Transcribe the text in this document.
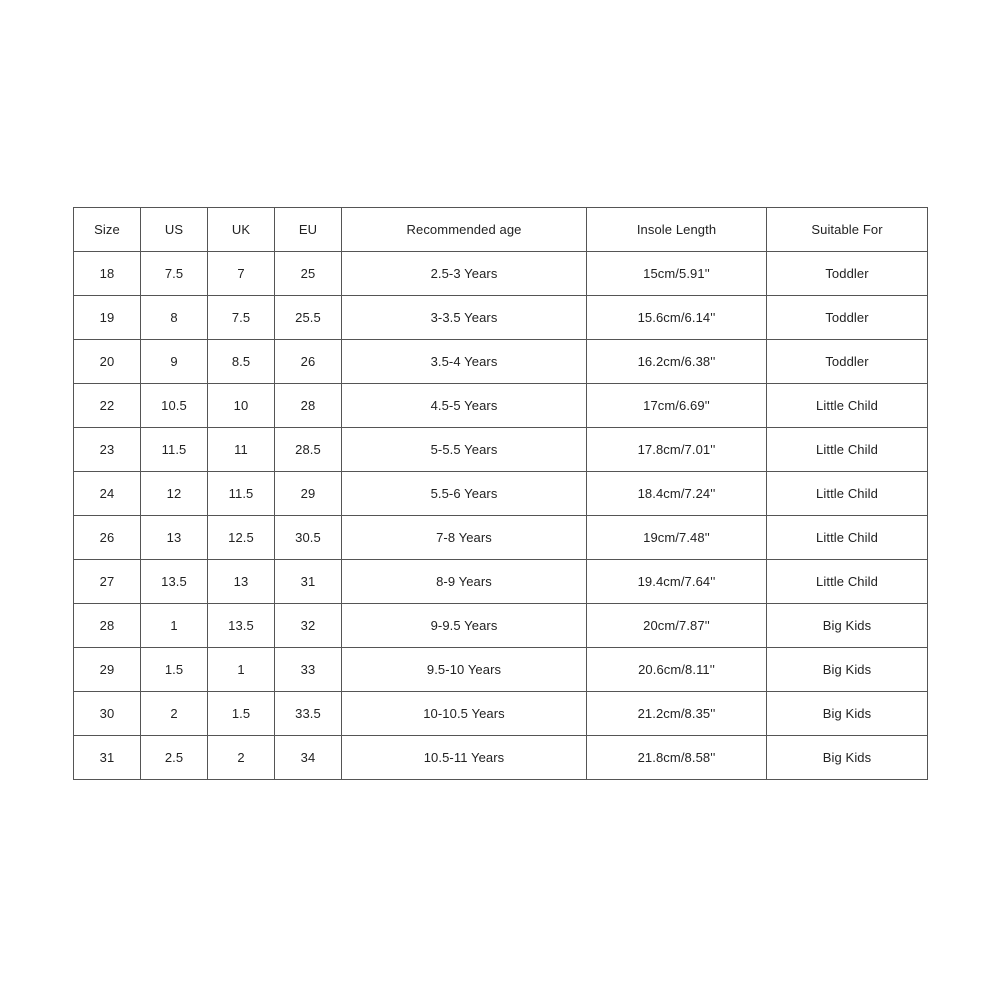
Size	US	UK	EU	Recommended age	Insole Length	Suitable For
18	7.5	7	25	2.5-3 Years	15cm/5.91''	Toddler
19	8	7.5	25.5	3-3.5 Years	15.6cm/6.14''	Toddler
20	9	8.5	26	3.5-4 Years	16.2cm/6.38''	Toddler
22	10.5	10	28	4.5-5 Years	17cm/6.69''	Little Child
23	11.5	11	28.5	5-5.5 Years	17.8cm/7.01''	Little Child
24	12	11.5	29	5.5-6 Years	18.4cm/7.24''	Little Child
26	13	12.5	30.5	7-8 Years	19cm/7.48''	Little Child
27	13.5	13	31	8-9 Years	19.4cm/7.64''	Little Child
28	1	13.5	32	9-9.5 Years	20cm/7.87''	Big Kids
29	1.5	1	33	9.5-10 Years	20.6cm/8.11''	Big Kids
30	2	1.5	33.5	10-10.5 Years	21.2cm/8.35''	Big Kids
31	2.5	2	34	10.5-11 Years	21.8cm/8.58''	Big Kids
